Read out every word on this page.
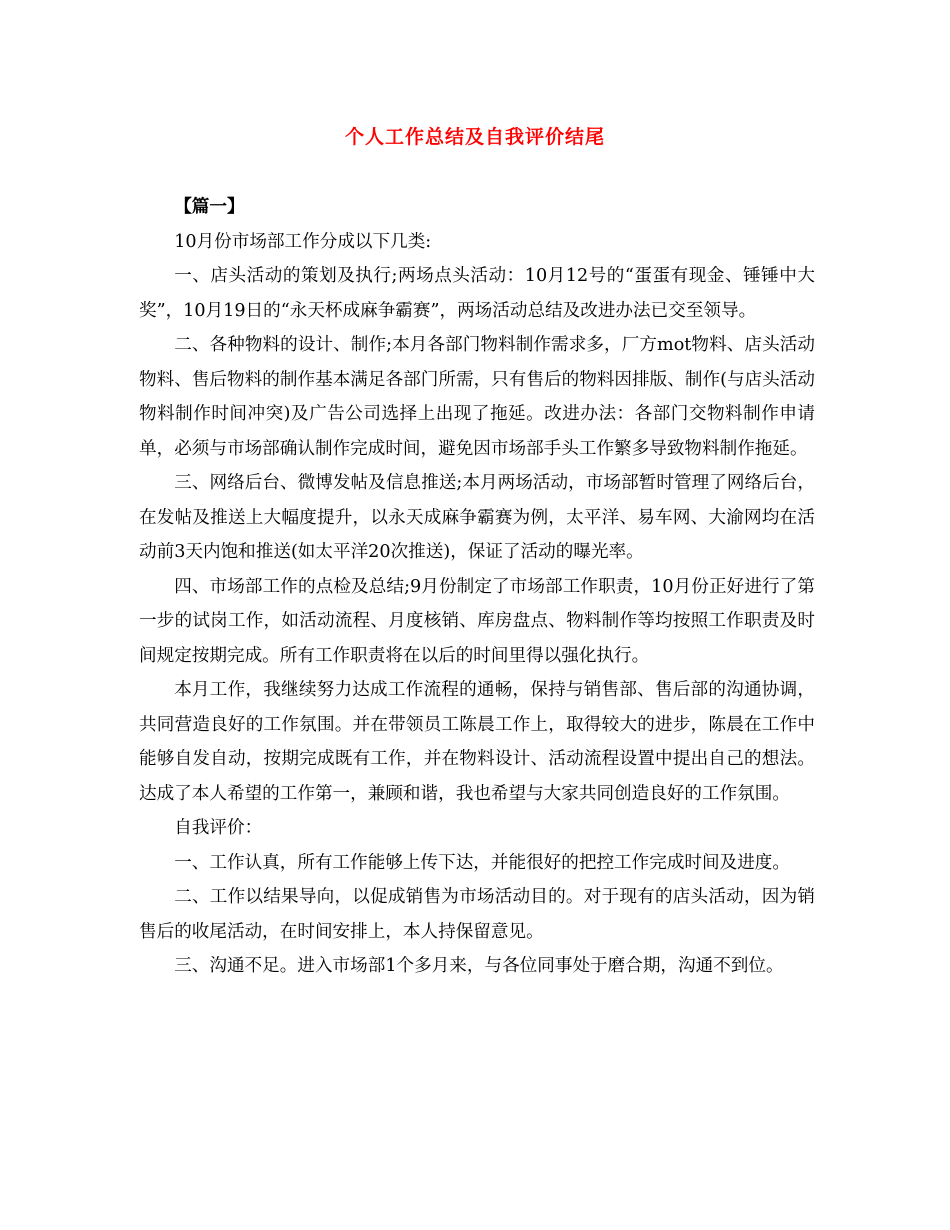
个人工作总结及自我评价结尾

【篇一】

10月份市场部工作分成以下几类:

一、店头活动的策划及执行;两场点头活动：10月12号的“蛋蛋有现金、锤锤中大奖”，10月19日的“永天杯成麻争霸赛”，两场活动总结及改进办法已交至领导。

二、各种物料的设计、制作;本月各部门物料制作需求多，厂方mot物料、店头活动物料、售后物料的制作基本满足各部门所需，只有售后的物料因排版、制作(与店头活动物料制作时间冲突)及广告公司选择上出现了拖延。改进办法：各部门交物料制作申请单，必须与市场部确认制作完成时间，避免因市场部手头工作繁多导致物料制作拖延。

三、网络后台、微博发帖及信息推送;本月两场活动，市场部暂时管理了网络后台，在发帖及推送上大幅度提升，以永天成麻争霸赛为例，太平洋、易车网、大渝网均在活动前3天内饱和推送(如太平洋20次推送)，保证了活动的曝光率。

四、市场部工作的点检及总结;9月份制定了市场部工作职责，10月份正好进行了第一步的试岗工作，如活动流程、月度核销、库房盘点、物料制作等均按照工作职责及时间规定按期完成。所有工作职责将在以后的时间里得以强化执行。

本月工作，我继续努力达成工作流程的通畅，保持与销售部、售后部的沟通协调，共同营造良好的工作氛围。并在带领员工陈晨工作上，取得较大的进步，陈晨在工作中能够自发自动，按期完成既有工作，并在物料设计、活动流程设置中提出自己的想法。达成了本人希望的工作第一，兼顾和谐，我也希望与大家共同创造良好的工作氛围。

自我评价：

一、工作认真，所有工作能够上传下达，并能很好的把控工作完成时间及进度。

二、工作以结果导向，以促成销售为市场活动目的。对于现有的店头活动，因为销售后的收尾活动，在时间安排上，本人持保留意见。

三、沟通不足。进入市场部1个多月来，与各位同事处于磨合期，沟通不到位。
